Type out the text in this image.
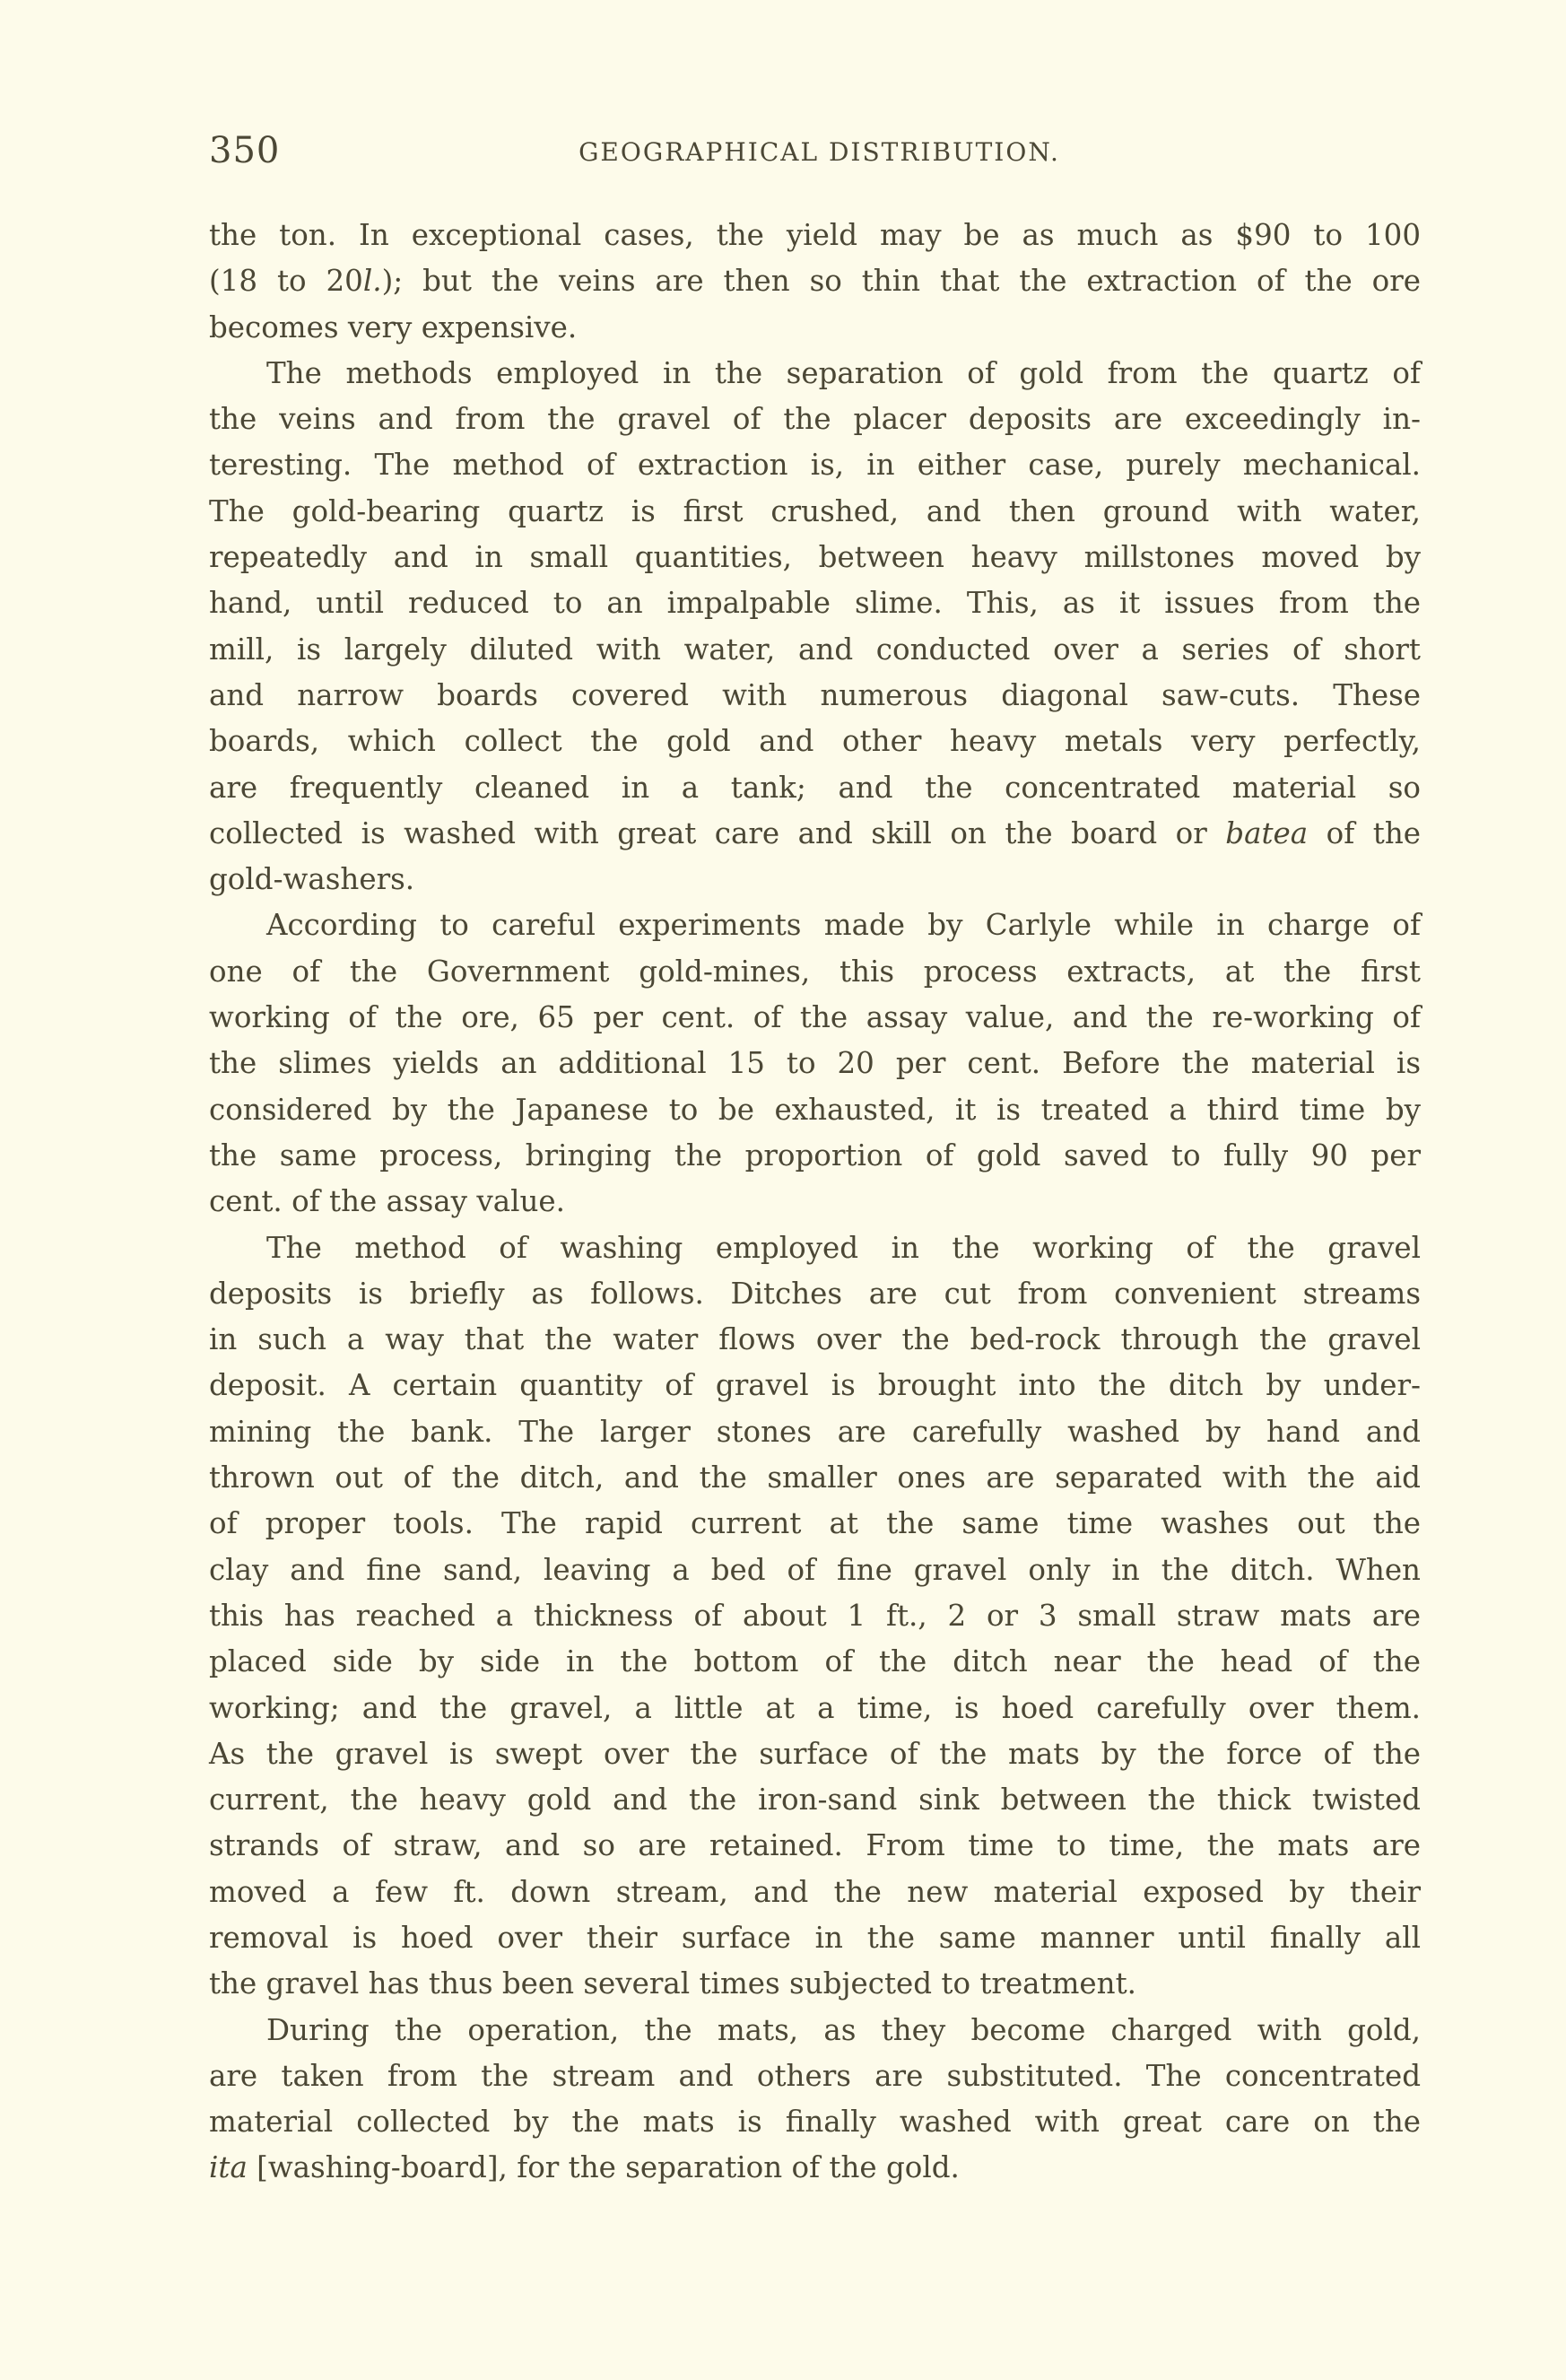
350	GEOGRAPHICAL DISTRIBUTION.
the ton. In exceptional cases, the yield may be as much as $90 to 100
(18 to 20l.); but the veins are then so thin that the extraction of the ore
becomes very expensive.
The methods employed in the separation of gold from the quartz of
the veins and from the gravel of the placer deposits are exceedingly in-
teresting. The method of extraction is, in either case, purely mechanical.
The gold-bearing quartz is first crushed, and then ground with water,
repeatedly and in small quantities, between heavy millstones moved by
hand, until reduced to an impalpable slime. This, as it issues from the
mill, is largely diluted with water, and conducted over a series of short
and narrow boards covered with numerous diagonal saw-cuts. These
boards, which collect the gold and other heavy metals very perfectly,
are frequently cleaned in a tank; and the concentrated material so
collected is washed with great care and skill on the board or batea of the
gold-washers.
According to careful experiments made by Carlyle while in charge of
one of the Government gold-mines, this process extracts, at the first
working of the ore, 65 per cent. of the assay value, and the re-working of
the slimes yields an additional 15 to 20 per cent. Before the material is
considered by the Japanese to be exhausted, it is treated a third time by
the same process, bringing the proportion of gold saved to fully 90 per
cent. of the assay value.
The method of washing employed in the working of the gravel
deposits is briefly as follows. Ditches are cut from convenient streams
in such a way that the water flows over the bed-rock through the gravel
deposit. A certain quantity of gravel is brought into the ditch by under-
mining the bank. The larger stones are carefully washed by hand and
thrown out of the ditch, and the smaller ones are separated with the aid
of proper tools. The rapid current at the same time washes out the
clay and fine sand, leaving a bed of fine gravel only in the ditch. When
this has reached a thickness of about 1 ft., 2 or 3 small straw mats are
placed side by side in the bottom of the ditch near the head of the
working; and the gravel, a little at a time, is hoed carefully over them.
As the gravel is swept over the surface of the mats by the force of the
current, the heavy gold and the iron-sand sink between the thick twisted
strands of straw, and so are retained. From time to time, the mats are
moved a few ft. down stream, and the new material exposed by their
removal is hoed over their surface in the same manner until finally all
the gravel has thus been several times subjected to treatment.
During the operation, the mats, as they become charged with gold,
are taken from the stream and others are substituted. The concentrated
material collected by the mats is finally washed with great care on the
ita [washing-board], for the separation of the gold.
